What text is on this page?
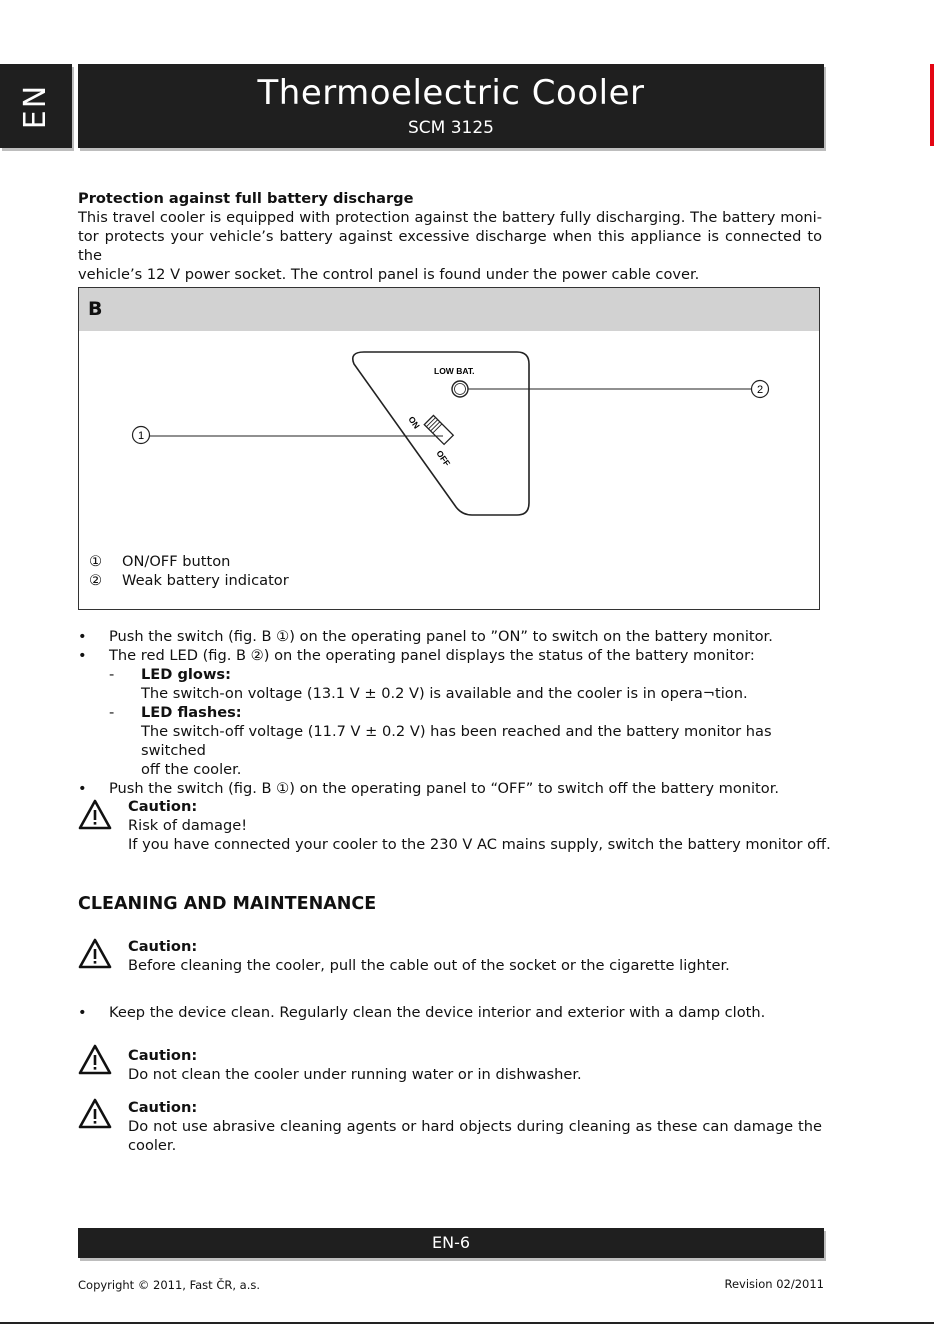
EN	Thermoelectric Cooler
SCM 3125
Protection against full battery discharge
This travel cooler is equipped with protection against the battery fully discharging. The battery moni-
tor protects your vehicle’s battery against excessive discharge when this appliance is connected to the
vehicle’s 12 V power socket. The control panel is found under the power cable cover.
B
LOW BAT.
ON
OFF
1
2
①	ON/OFF button
②	Weak battery indicator
•	Push the switch (fig. B ①) on the operating panel to ”ON” to switch on the battery monitor.
•	The red LED (fig. B ②) on the operating panel displays the status of the battery monitor:
-	LED glows:
The switch-on voltage (13.1 V ± 0.2 V) is available and the cooler is in opera¬tion.
-	LED flashes:
The switch-off voltage (11.7 V ± 0.2 V) has been reached and the battery monitor has switched
off the cooler.
•	Push the switch (fig. B ①) on the operating panel to “OFF” to switch off the battery monitor.
Caution:
Risk of damage!
If you have connected your cooler to the 230 V AC mains supply, switch the battery monitor off.
CLEANING AND MAINTENANCE
Caution:
Before cleaning the cooler, pull the cable out of the socket or the cigarette lighter.
•	Keep the device clean. Regularly clean the device interior and exterior with a damp cloth.
Caution:
Do not clean the cooler under running water or in dishwasher.
Caution:
Do not use abrasive cleaning agents or hard objects during cleaning as these can damage the
cooler.
EN-6
Copyright © 2011, Fast ČR, a.s.	Revision 02/2011
